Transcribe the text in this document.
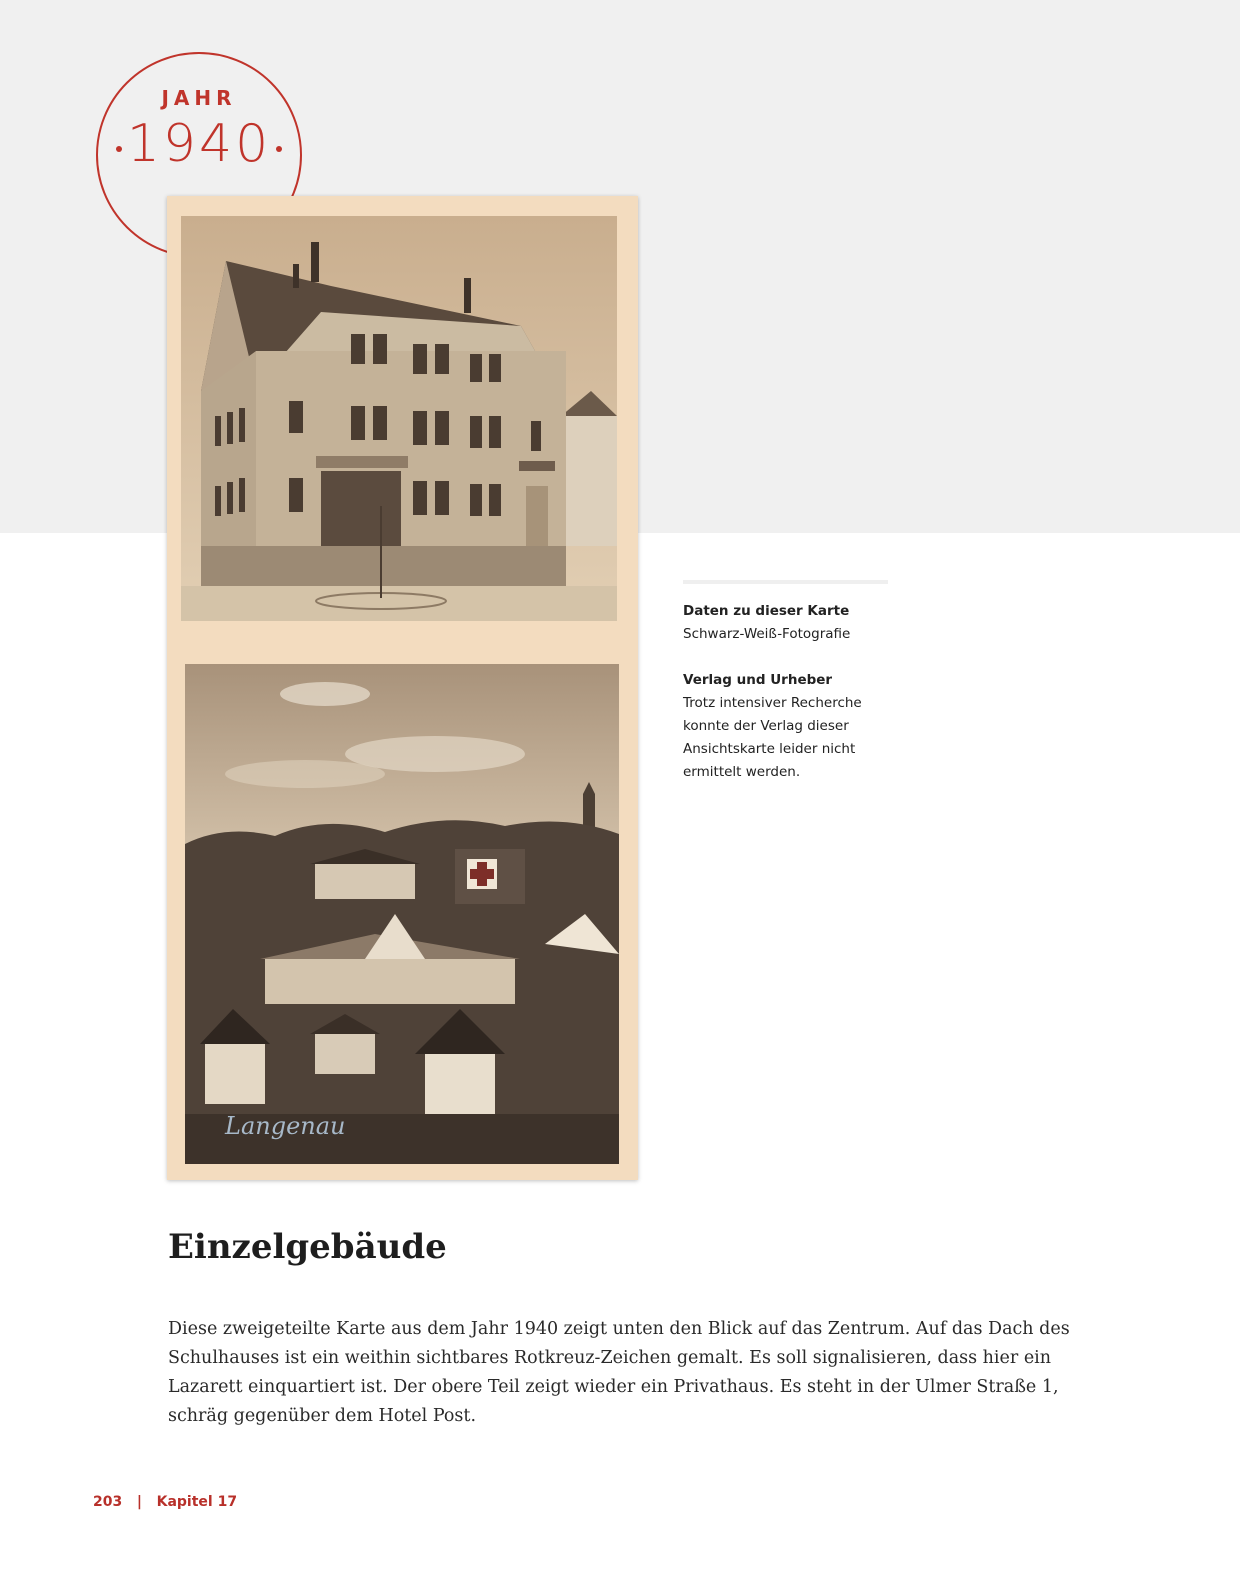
JAHR
1940
Langenau
Daten zu dieser Karte
Schwarz-Weiß-Fotografie
Verlag und Urheber
Trotz intensiver Recherche konnte der Verlag dieser Ansichtskarte leider nicht ermittelt werden.
Einzelgebäude

Diese zweigeteilte Karte aus dem Jahr 1940 zeigt unten den Blick auf das Zentrum. Auf das Dach des Schulhauses ist ein weithin sichtbares Rotkreuz-Zeichen gemalt. Es soll signalisieren, dass hier ein Lazarett einquartiert ist. Der obere Teil zeigt wieder ein Privathaus. Es steht in der Ulmer Straße 1, schräg gegenüber dem Hotel Post.

203 | Kapitel 17
